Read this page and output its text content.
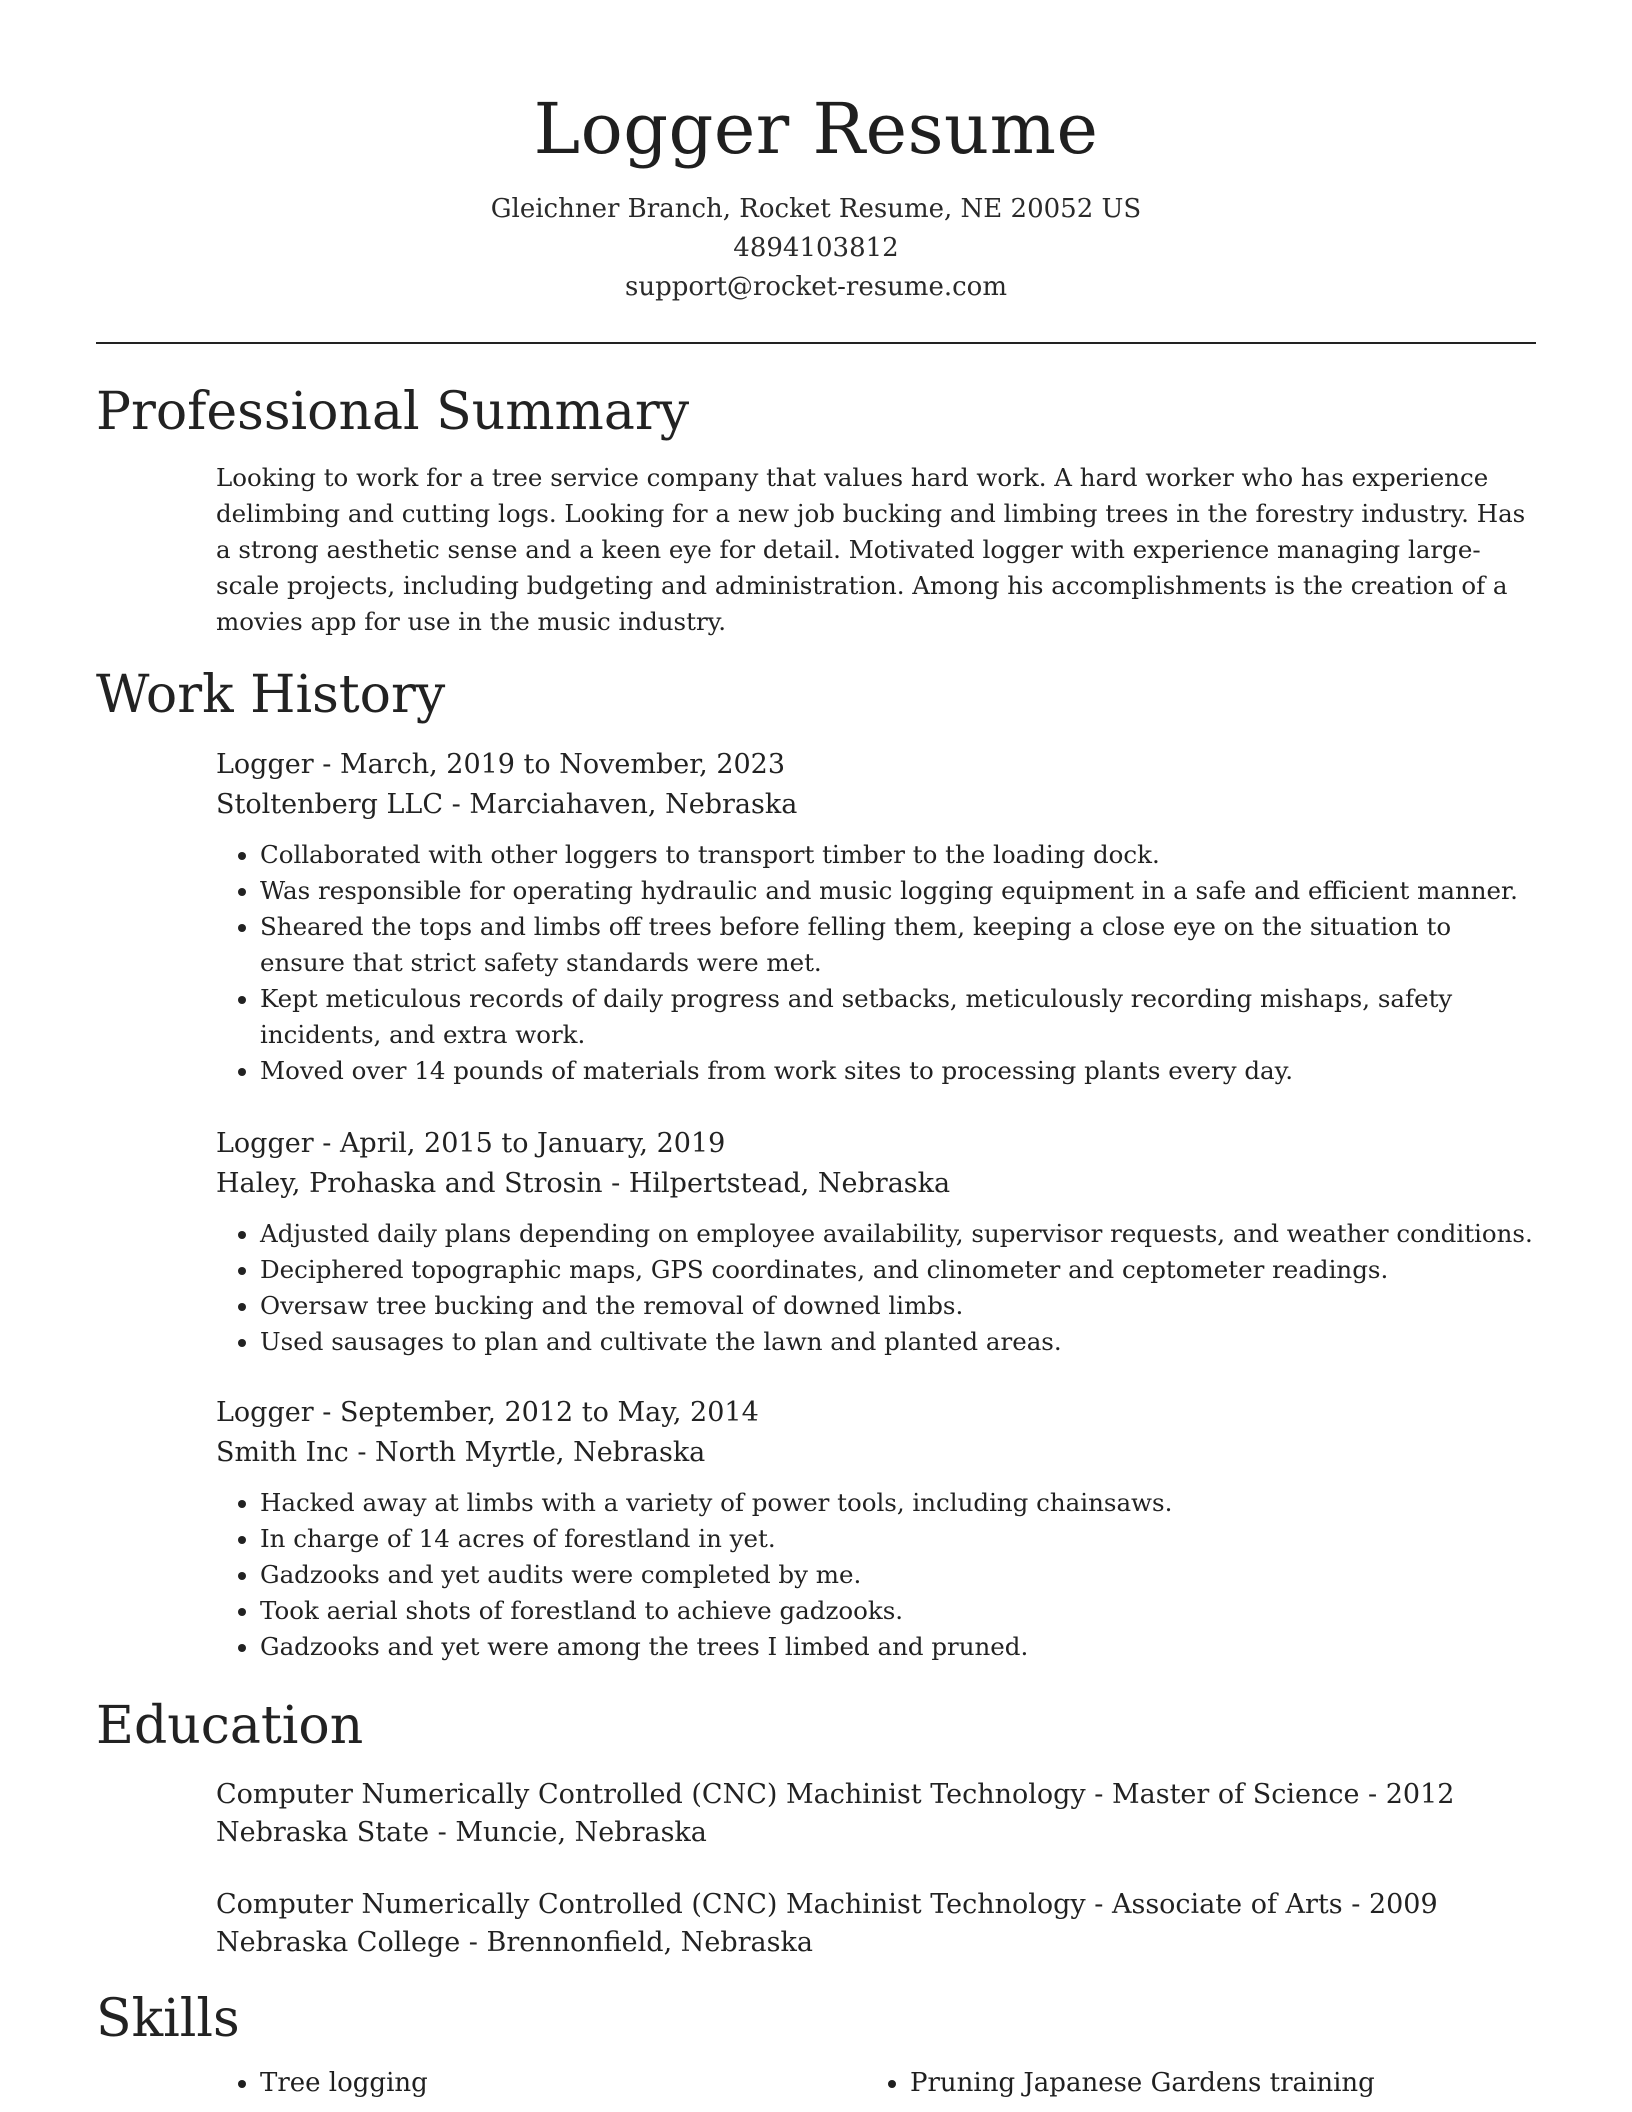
Logger Resume
Gleichner Branch, Rocket Resume, NE 20052 US
4894103812
support@rocket-resume.com
Professional Summary

Looking to work for a tree service company that values hard work. A hard worker who has experience delimbing and cutting logs. Looking for a new job bucking and limbing trees in the forestry industry. Has a strong aesthetic sense and a keen eye for detail. Motivated logger with experience managing large-scale projects, including budgeting and administration. Among his accomplishments is the creation of a movies app for use in the music industry.

Work History

Logger - March, 2019 to November, 2023

Stoltenberg LLC - Marciahaven, Nebraska

• Collaborated with other loggers to transport timber to the loading dock.
• Was responsible for operating hydraulic and music logging equipment in a safe and efficient manner.
• Sheared the tops and limbs off trees before felling them, keeping a close eye on the situation to ensure that strict safety standards were met.
• Kept meticulous records of daily progress and setbacks, meticulously recording mishaps, safety incidents, and extra work.
• Moved over 14 pounds of materials from work sites to processing plants every day.

Logger - April, 2015 to January, 2019

Haley, Prohaska and Strosin - Hilpertstead, Nebraska

• Adjusted daily plans depending on employee availability, supervisor requests, and weather conditions.
• Deciphered topographic maps, GPS coordinates, and clinometer and ceptometer readings.
• Oversaw tree bucking and the removal of downed limbs.
• Used sausages to plan and cultivate the lawn and planted areas.

Logger - September, 2012 to May, 2014

Smith Inc - North Myrtle, Nebraska

• Hacked away at limbs with a variety of power tools, including chainsaws.
• In charge of 14 acres of forestland in yet.
• Gadzooks and yet audits were completed by me.
• Took aerial shots of forestland to achieve gadzooks.
• Gadzooks and yet were among the trees I limbed and pruned.
Education

Computer Numerically Controlled (CNC) Machinist Technology - Master of Science - 2012

Nebraska State - Muncie, Nebraska

Computer Numerically Controlled (CNC) Machinist Technology - Associate of Arts - 2009

Nebraska College - Brennonfield, Nebraska

Skills
• Tree logging
•	Pruning Japanese Gardens training
